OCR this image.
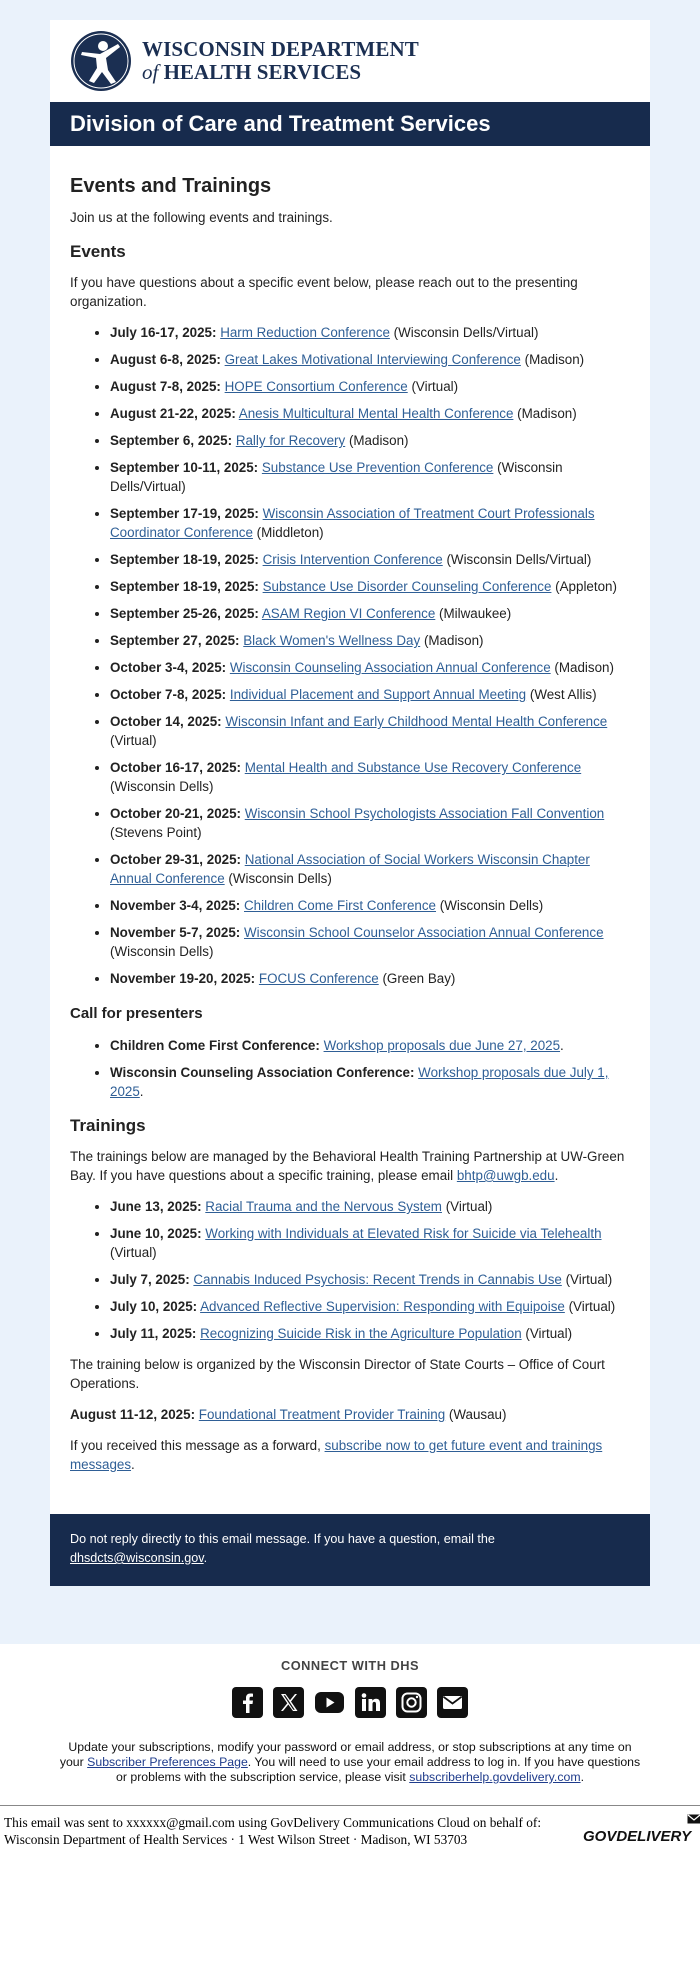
WISCONSIN DEPARTMENT
of HEALTH SERVICES
Division of Care and Treatment Services
Events and Trainings

Join us at the following events and trainings.

Events

If you have questions about a specific event below, please reach out to the presenting organization.

• July 16-17, 2025: Harm Reduction Conference (Wisconsin Dells/Virtual)
• August 6-8, 2025: Great Lakes Motivational Interviewing Conference (Madison)
• August 7-8, 2025: HOPE Consortium Conference (Virtual)
• August 21-22, 2025: Anesis Multicultural Mental Health Conference (Madison)
• September 6, 2025: Rally for Recovery (Madison)
• September 10-11, 2025: Substance Use Prevention Conference (Wisconsin Dells/Virtual)
• September 17-19, 2025: Wisconsin Association of Treatment Court Professionals Coordinator Conference (Middleton)
• September 18-19, 2025: Crisis Intervention Conference (Wisconsin Dells/Virtual)
• September 18-19, 2025: Substance Use Disorder Counseling Conference (Appleton)
• September 25-26, 2025: ASAM Region VI Conference (Milwaukee)
• September 27, 2025: Black Women's Wellness Day (Madison)
• October 3-4, 2025: Wisconsin Counseling Association Annual Conference (Madison)
• October 7-8, 2025: Individual Placement and Support Annual Meeting (West Allis)
• October 14, 2025: Wisconsin Infant and Early Childhood Mental Health Conference (Virtual)
• October 16-17, 2025: Mental Health and Substance Use Recovery Conference (Wisconsin Dells)
• October 20-21, 2025: Wisconsin School Psychologists Association Fall Convention (Stevens Point)
• October 29-31, 2025: National Association of Social Workers Wisconsin Chapter Annual Conference (Wisconsin Dells)
• November 3-4, 2025: Children Come First Conference (Wisconsin Dells)
• November 5-7, 2025: Wisconsin School Counselor Association Annual Conference (Wisconsin Dells)
• November 19-20, 2025: FOCUS Conference (Green Bay)
Call for presenters
• Children Come First Conference: Workshop proposals due June 27, 2025.
• Wisconsin Counseling Association Conference: Workshop proposals due July 1, 2025.
Trainings

The trainings below are managed by the Behavioral Health Training Partnership at UW-Green Bay. If you have questions about a specific training, please email bhtp@uwgb.edu.

• June 13, 2025: Racial Trauma and the Nervous System (Virtual)
• June 10, 2025: Working with Individuals at Elevated Risk for Suicide via Telehealth (Virtual)
• July 7, 2025: Cannabis Induced Psychosis: Recent Trends in Cannabis Use (Virtual)
• July 10, 2025: Advanced Reflective Supervision: Responding with Equipoise (Virtual)
• July 11, 2025: Recognizing Suicide Risk in the Agriculture Population (Virtual)

The training below is organized by the Wisconsin Director of State Courts – Office of Court Operations.

August 11-12, 2025: Foundational Treatment Provider Training (Wausau)

If you received this message as a forward, subscribe now to get future event and trainings messages.

Do not reply directly to this email message. If you have a question, email the dhsdcts@wisconsin.gov.
CONNECT WITH DHS
Update your subscriptions, modify your password or email address, or stop subscriptions at any time on your Subscriber Preferences Page. You will need to use your email address to log in. If you have questions or problems with the subscription service, please visit subscriberhelp.govdelivery.com.
This email was sent to xxxxxx@gmail.com using GovDelivery Communications Cloud on behalf of: Wisconsin Department of Health Services · 1 West Wilson Street · Madison, WI 53703	GOVDELIVERY
